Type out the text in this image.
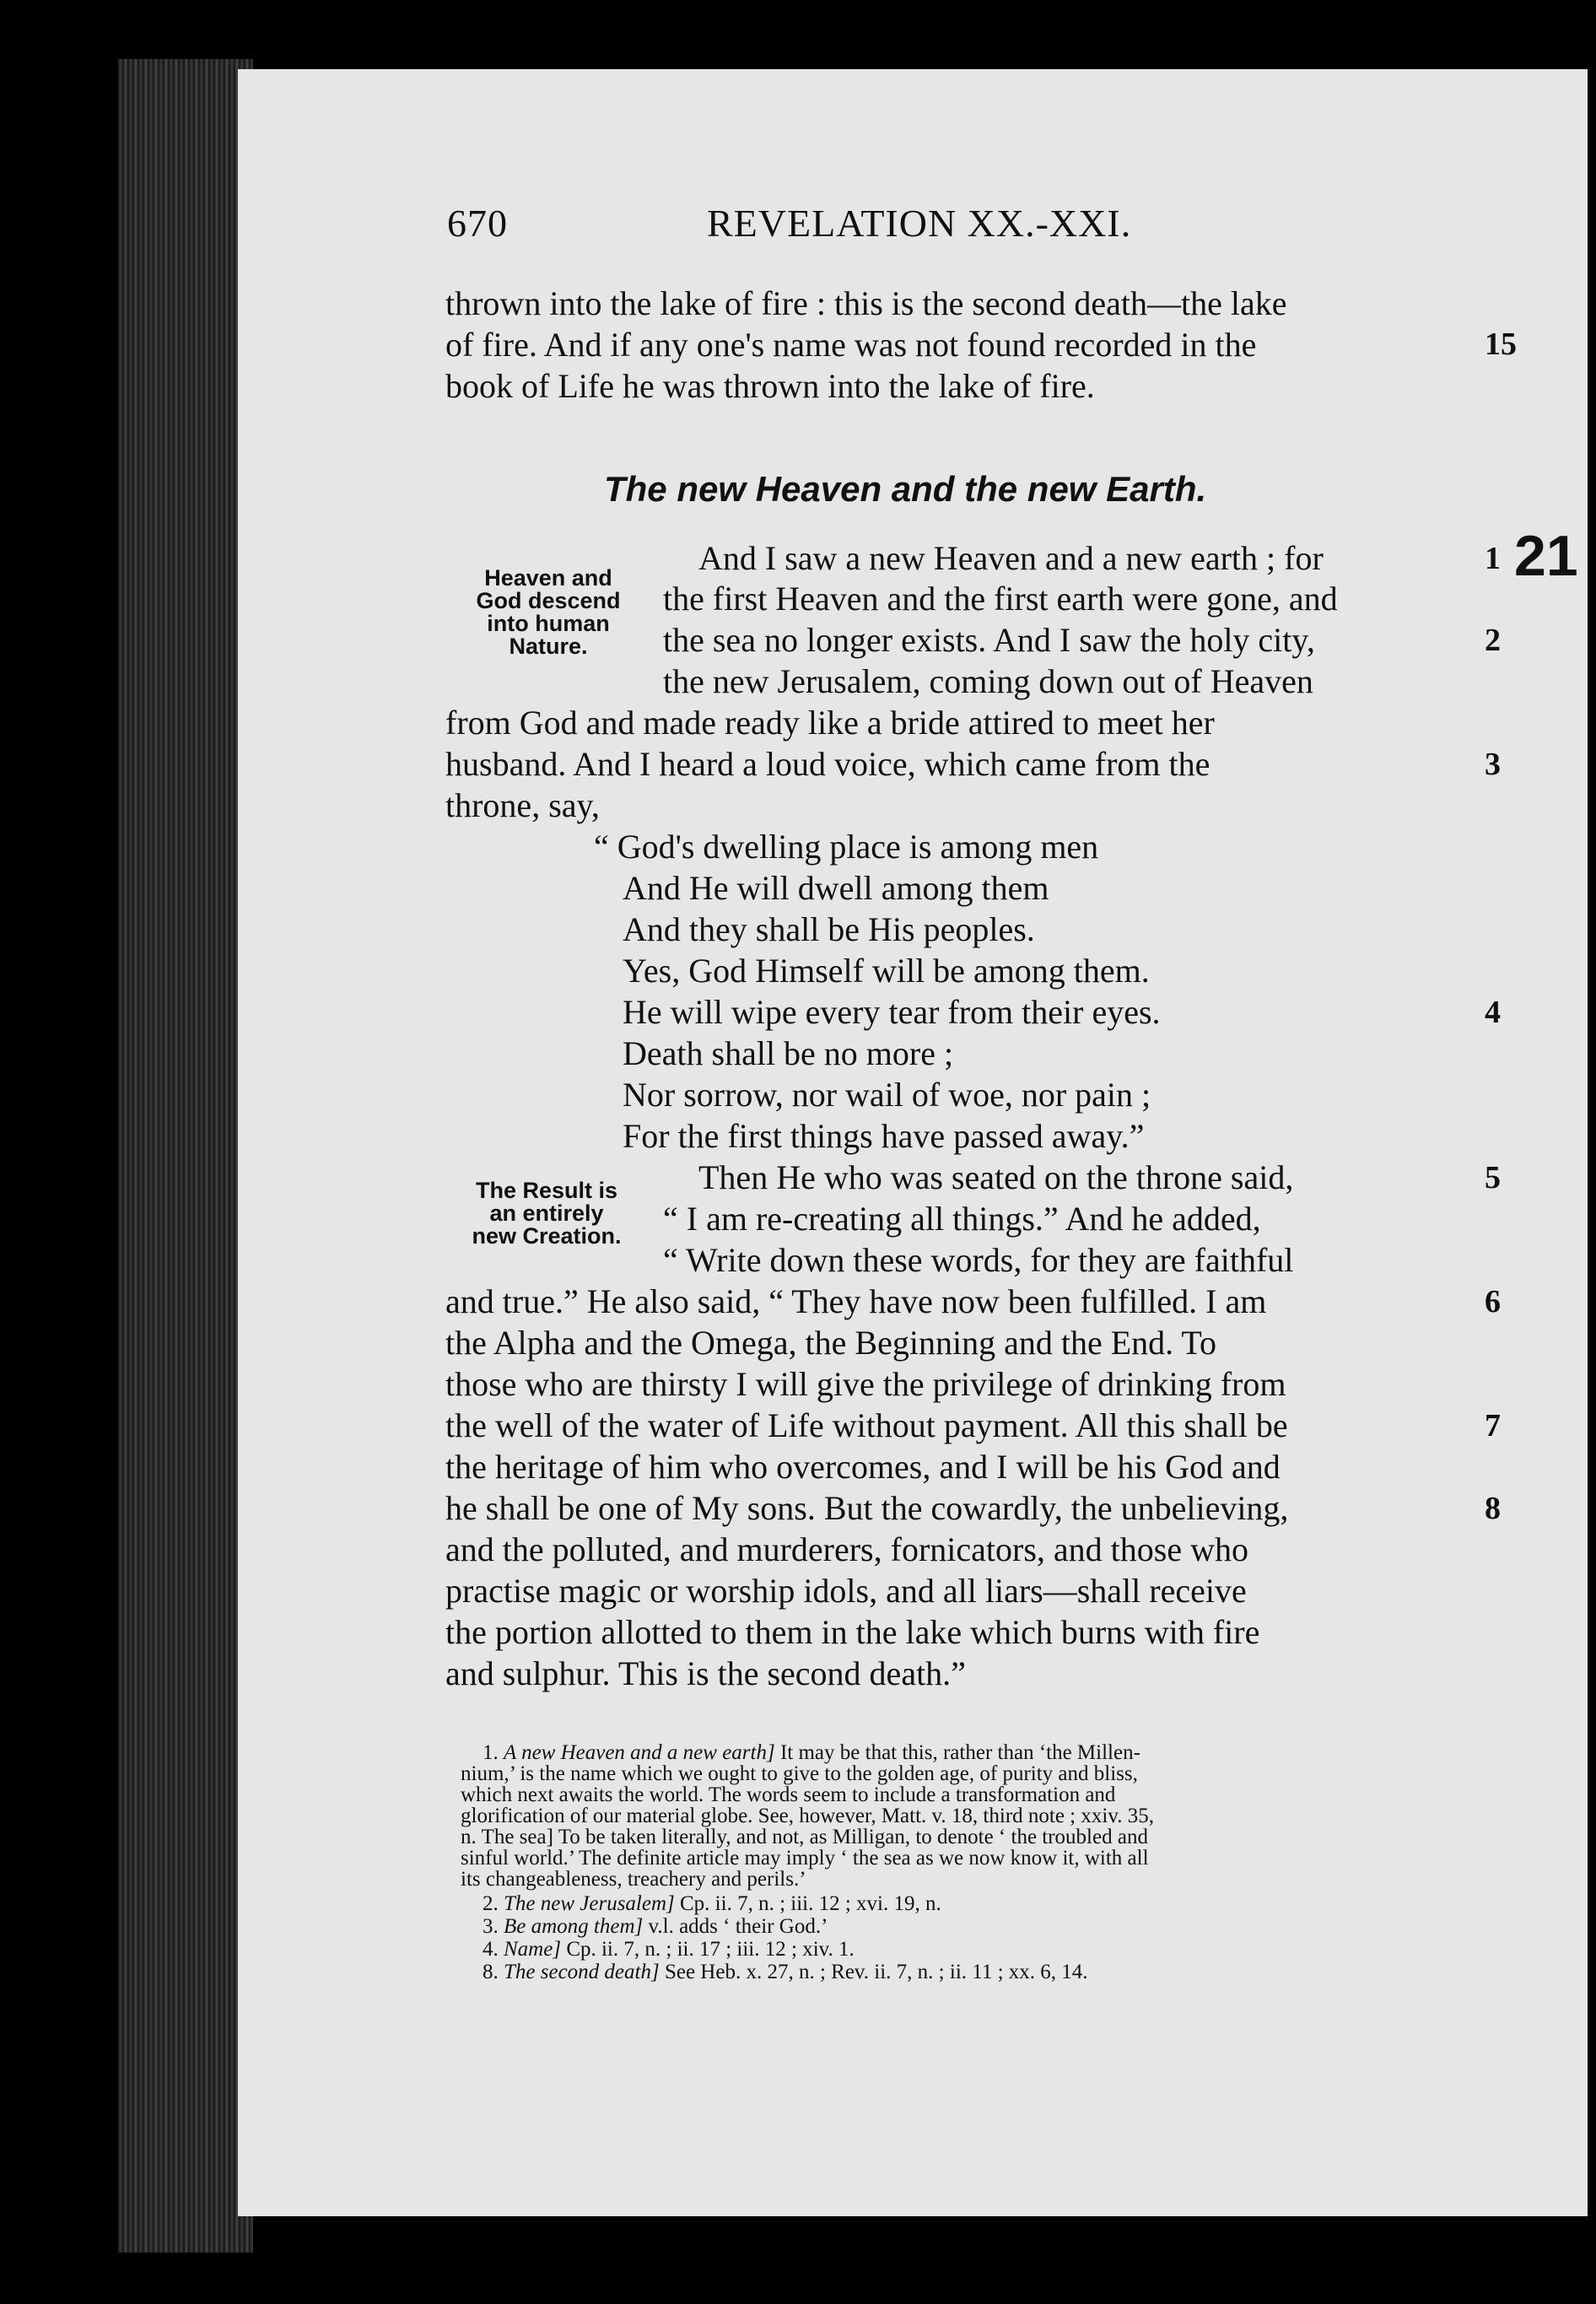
670	REVELATION XX.-XXI.
thrown into the lake of fire : this is the second death—the lake
of fire. And if any one's name was not found recorded in the
book of Life he was thrown into the lake of fire.
The new Heaven and the new Earth.
Heaven and
God descend
into human
Nature.
And I saw a new Heaven and a new earth ; for
the first Heaven and the first earth were gone, and
the sea no longer exists. And I saw the holy city,
the new Jerusalem, coming down out of Heaven
from God and made ready like a bride attired to meet her
husband. And I heard a loud voice, which came from the
throne, say,
“ God's dwelling place is among men
And He will dwell among them
And they shall be His peoples.
Yes, God Himself will be among them.
He will wipe every tear from their eyes.
Death shall be no more ;
Nor sorrow, nor wail of woe, nor pain ;
For the first things have passed away.”
The Result is
an entirely
new Creation.
Then He who was seated on the throne said,
“ I am re-creating all things.” And he added,
“ Write down these words, for they are faithful
and true.” He also said, “ They have now been fulfilled. I am
the Alpha and the Omega, the Beginning and the End. To
those who are thirsty I will give the privilege of drinking from
the well of the water of Life without payment. All this shall be
the heritage of him who overcomes, and I will be his God and
he shall be one of My sons. But the cowardly, the unbelieving,
and the polluted, and murderers, fornicators, and those who
practise magic or worship idols, and all liars—shall receive
the portion allotted to them in the lake which burns with fire
and sulphur. This is the second death.”
15
1 21
2
3
4
5
6
7
8
1. A new Heaven and a new earth] It may be that this, rather than ‘the Millen-
nium,’ is the name which we ought to give to the golden age, of purity and bliss,
which next awaits the world. The words seem to include a transformation and
glorification of our material globe. See, however, Matt. v. 18, third note ; xxiv. 35,
n. The sea] To be taken literally, and not, as Milligan, to denote ‘ the troubled and
sinful world.’ The definite article may imply ‘ the sea as we now know it, with all
its changeableness, treachery and perils.’
2. The new Jerusalem] Cp. ii. 7, n. ; iii. 12 ; xvi. 19, n.
3. Be among them] v.l. adds ‘ their God.’
4. Name] Cp. ii. 7, n. ; ii. 17 ; iii. 12 ; xiv. 1.
8. The second death] See Heb. x. 27, n. ; Rev. ii. 7, n. ; ii. 11 ; xx. 6, 14.
